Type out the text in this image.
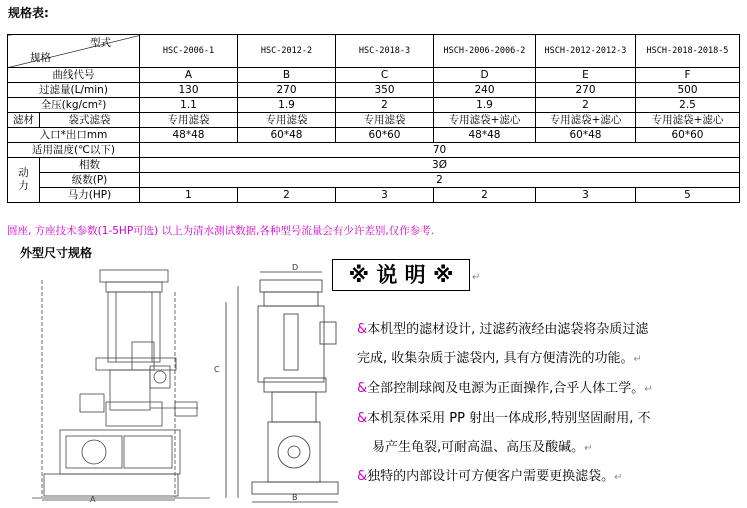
规格表:
型式
规格		HSC-2006-1	HSC-2012-2	HSC-2018-3	HSCH-2006-2006-2	HSCH-2012-2012-3	HSCH-2018-2018-5
曲线代号		A	B	C	D	E	F
过滤量(L/min)		130	270	350	240	270	500
全压(kg/cm²)		1.1	1.9	2	1.9	2	2.5
滤材	袋式滤袋	专用滤袋	专用滤袋	专用滤袋	专用滤袋+滤心	专用滤袋+滤心	专用滤袋+滤心
入口*出口mm		48*48	60*48	60*60	48*48	60*48	60*60
适用温度(℃以下)		70					
动力	相数	3Ø					
	级数(P)	2					
	马力(HP)	1	2	3	2	3	5
圆座, 方座技术参数(1-5HP可选) 以上为清水测试数据,各种型号流量会有少许差别,仅作参考.
外型尺寸规格
A
C
D
B
※ 说 明 ※	↵
&本机型的滤材设计, 过滤药液经由滤袋将杂质过滤
完成, 收集杂质于滤袋内, 具有方便清洗的功能。↵
&全部控制球阀及电源为正面操作,合乎人体工学。↵
&本机泵体采用 PP 射出一体成形,特别坚固耐用, 不
易产生龟裂,可耐高温、高压及酸碱。↵
&独特的内部设计可方便客户需要更换滤袋。↵
